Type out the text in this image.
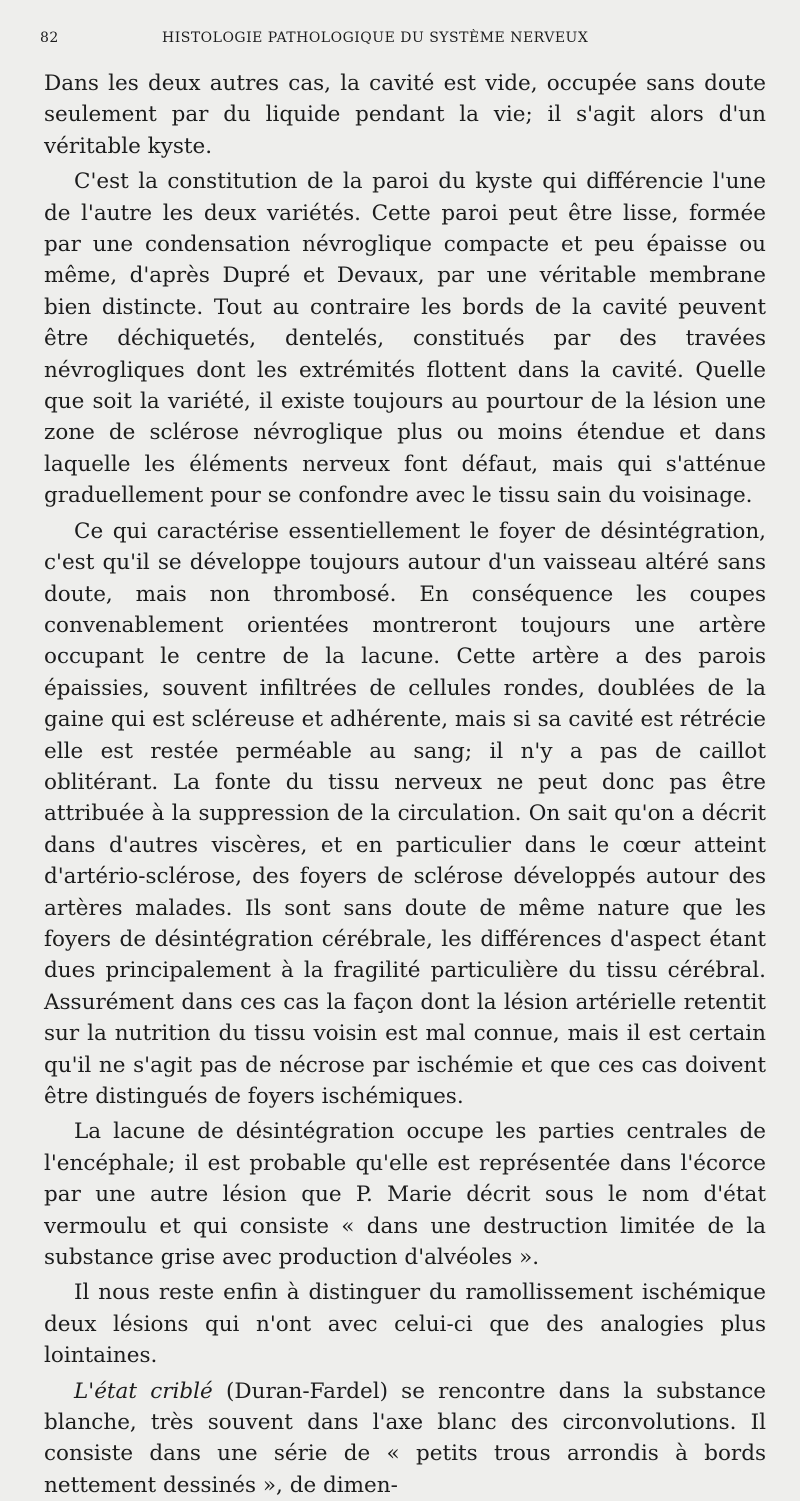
82	HISTOLOGIE PATHOLOGIQUE DU SYSTÈME NERVEUX

Dans les deux autres cas, la cavité est vide, occupée sans doute seulement par du liquide pendant la vie; il s'agit alors d'un véritable kyste.

C'est la constitution de la paroi du kyste qui différencie l'une de l'autre les deux variétés. Cette paroi peut être lisse, formée par une condensation névroglique compacte et peu épaisse ou même, d'après Dupré et Devaux, par une véritable membrane bien distincte. Tout au contraire les bords de la cavité peuvent être déchiquetés, dentelés, constitués par des travées névrogliques dont les extrémités flottent dans la cavité. Quelle que soit la variété, il existe toujours au pourtour de la lésion une zone de sclérose névroglique plus ou moins étendue et dans laquelle les éléments nerveux font défaut, mais qui s'atténue graduellement pour se confondre avec le tissu sain du voisinage.

Ce qui caractérise essentiellement le foyer de désintégration, c'est qu'il se développe toujours autour d'un vaisseau altéré sans doute, mais non thrombosé. En conséquence les coupes convenablement orientées montreront toujours une artère occupant le centre de la lacune. Cette artère a des parois épaissies, souvent infiltrées de cellules rondes, doublées de la gaine qui est scléreuse et adhérente, mais si sa cavité est rétrécie elle est restée perméable au sang; il n'y a pas de caillot oblitérant. La fonte du tissu nerveux ne peut donc pas être attribuée à la suppression de la circulation. On sait qu'on a décrit dans d'autres viscères, et en particulier dans le cœur atteint d'artério-sclérose, des foyers de sclérose développés autour des artères malades. Ils sont sans doute de même nature que les foyers de désintégration cérébrale, les différences d'aspect étant dues principalement à la fragilité particulière du tissu cérébral. Assurément dans ces cas la façon dont la lésion artérielle retentit sur la nutrition du tissu voisin est mal connue, mais il est certain qu'il ne s'agit pas de nécrose par ischémie et que ces cas doivent être distingués de foyers ischémiques.

La lacune de désintégration occupe les parties centrales de l'encéphale; il est probable qu'elle est représentée dans l'écorce par une autre lésion que P. Marie décrit sous le nom d'état vermoulu et qui consiste « dans une destruction limitée de la substance grise avec production d'alvéoles ».

Il nous reste enfin à distinguer du ramollissement ischémique deux lésions qui n'ont avec celui-ci que des analogies plus lointaines.

L'état criblé (Duran-Fardel) se rencontre dans la substance blanche, très souvent dans l'axe blanc des circonvolutions. Il consiste dans une série de « petits trous arrondis à bords nettement dessinés », de dimen-
